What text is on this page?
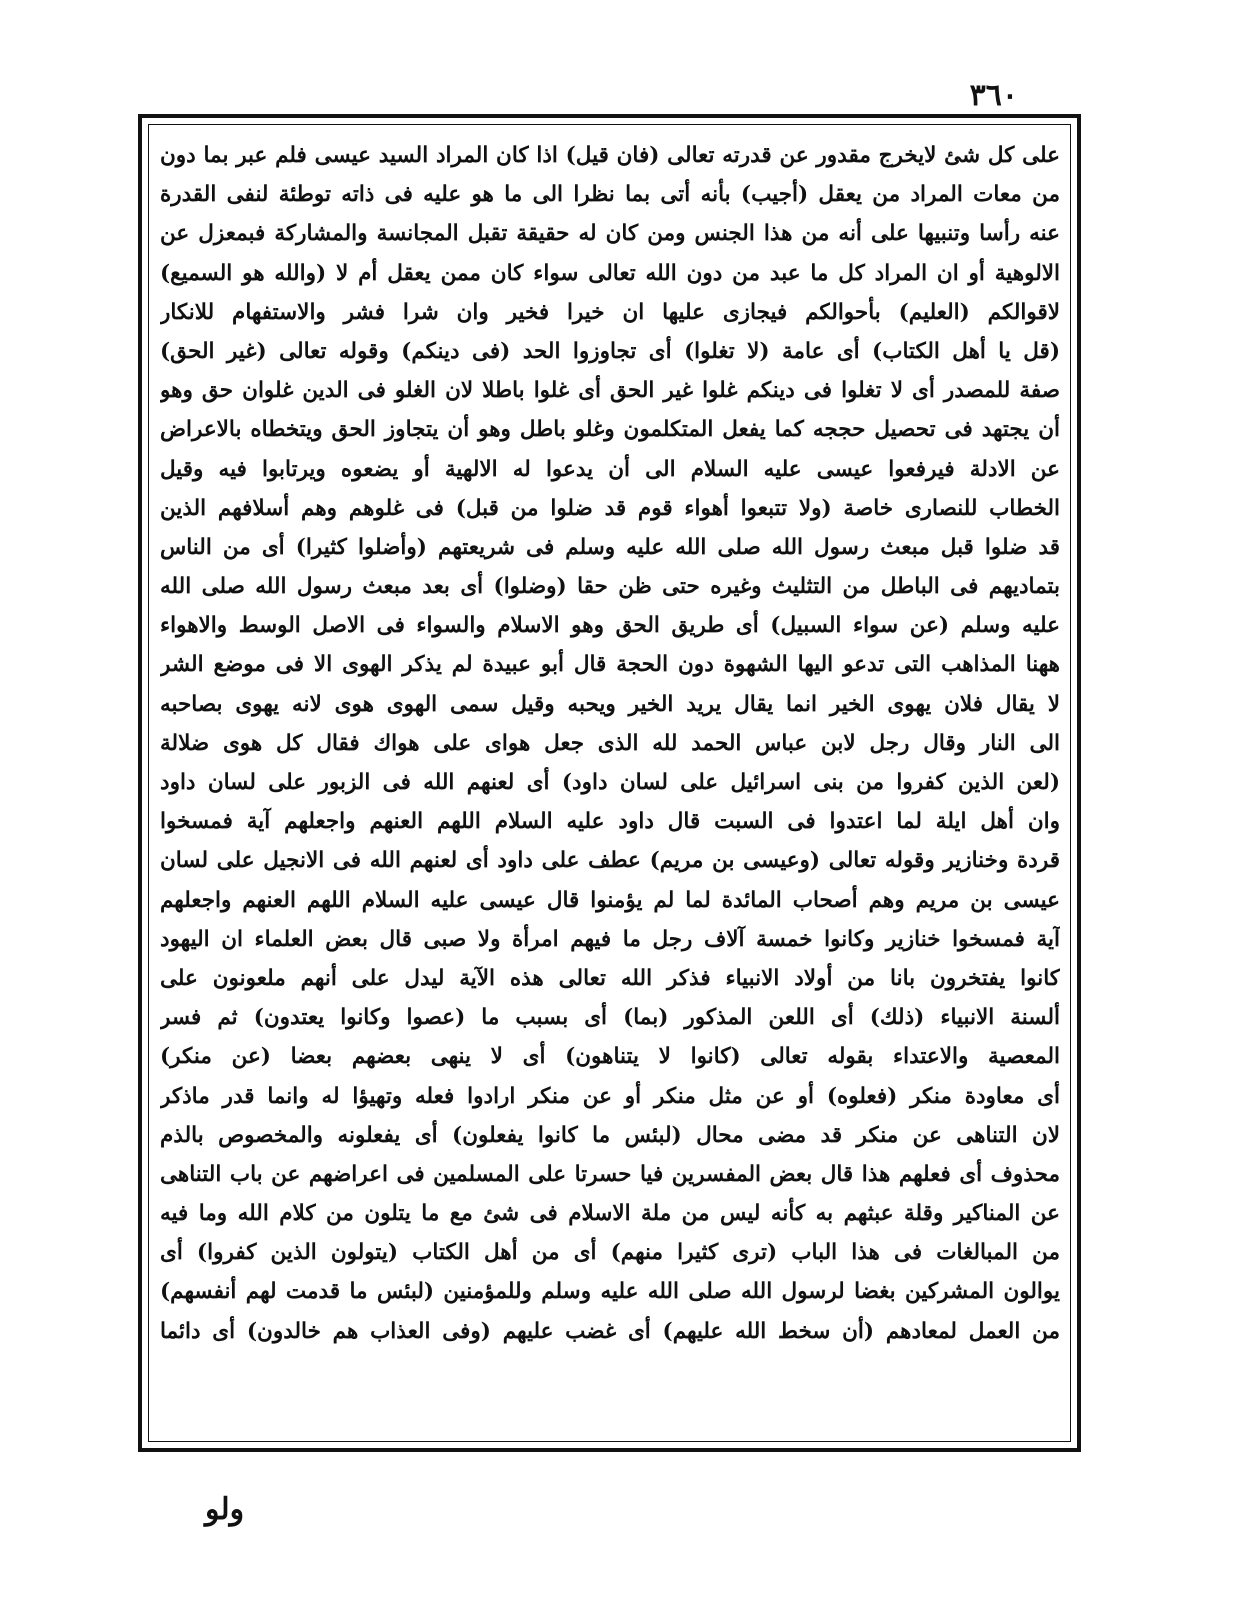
٣٦٠
على كل شئ لايخرج مقدور عن قدرته تعالى (فان قيل) اذا كان المراد السيد عيسى فلم عبر بما دون
من معات المراد من يعقل (أجيب) بأنه أتى بما نظرا الى ما هو عليه فى ذاته توطئة لنفى القدرة
عنه رأسا وتنبيها على أنه من هذا الجنس ومن كان له حقيقة تقبل المجانسة والمشاركة فبمعزل عن
الالوهية أو ان المراد كل ما عبد من دون الله تعالى سواء كان ممن يعقل أم لا (والله هو السميع)
لاقوالكم (العليم) بأحوالكم فيجازى عليها ان خيرا فخير وان شرا فشر والاستفهام للانكار
(قل يا أهل الكتاب) أى عامة (لا تغلوا) أى تجاوزوا الحد (فى دينكم) وقوله تعالى (غير الحق)
صفة للمصدر أى لا تغلوا فى دينكم غلوا غير الحق أى غلوا باطلا لان الغلو فى الدين غلوان حق وهو
أن يجتهد فى تحصيل حججه كما يفعل المتكلمون وغلو باطل وهو أن يتجاوز الحق ويتخطاه بالاعراض
عن الادلة فيرفعوا عيسى عليه السلام الى أن يدعوا له الالهية أو يضعوه ويرتابوا فيه وقيل
الخطاب للنصارى خاصة (ولا تتبعوا أهواء قوم قد ضلوا من قبل) فى غلوهم وهم أسلافهم الذين
قد ضلوا قبل مبعث رسول الله صلى الله عليه وسلم فى شريعتهم (وأضلوا كثيرا) أى من الناس
بتماديهم فى الباطل من التثليث وغيره حتى ظن حقا (وضلوا) أى بعد مبعث رسول الله صلى الله
عليه وسلم (عن سواء السبيل) أى طريق الحق وهو الاسلام والسواء فى الاصل الوسط والاهواء
ههنا المذاهب التى تدعو اليها الشهوة دون الحجة قال أبو عبيدة لم يذكر الهوى الا فى موضع الشر
لا يقال فلان يهوى الخير انما يقال يريد الخير ويحبه وقيل سمى الهوى هوى لانه يهوى بصاحبه
الى النار وقال رجل لابن عباس الحمد لله الذى جعل هواى على هواك فقال كل هوى ضلالة
(لعن الذين كفروا من بنى اسرائيل على لسان داود) أى لعنهم الله فى الزبور على لسان داود
وان أهل ايلة لما اعتدوا فى السبت قال داود عليه السلام اللهم العنهم واجعلهم آية فمسخوا
قردة وخنازير وقوله تعالى (وعيسى بن مريم) عطف على داود أى لعنهم الله فى الانجيل على لسان
عيسى بن مريم وهم أصحاب المائدة لما لم يؤمنوا قال عيسى عليه السلام اللهم العنهم واجعلهم
آية فمسخوا خنازير وكانوا خمسة آلاف رجل ما فيهم امرأة ولا صبى قال بعض العلماء ان اليهود
كانوا يفتخرون بانا من أولاد الانبياء فذكر الله تعالى هذه الآية ليدل على أنهم ملعونون على
ألسنة الانبياء (ذلك) أى اللعن المذكور (بما) أى بسبب ما (عصوا وكانوا يعتدون) ثم فسر
المعصية والاعتداء بقوله تعالى (كانوا لا يتناهون) أى لا ينهى بعضهم بعضا (عن منكر)
أى معاودة منكر (فعلوه) أو عن مثل منكر أو عن منكر ارادوا فعله وتهيؤا له وانما قدر ماذكر
لان التناهى عن منكر قد مضى محال (لبئس ما كانوا يفعلون) أى يفعلونه والمخصوص بالذم
محذوف أى فعلهم هذا قال بعض المفسرين فيا حسرتا على المسلمين فى اعراضهم عن باب التناهى
عن المناكير وقلة عبثهم به كأنه ليس من ملة الاسلام فى شئ مع ما يتلون من كلام الله وما فيه
من المبالغات فى هذا الباب (ترى كثيرا منهم) أى من أهل الكتاب (يتولون الذين كفروا) أى
يوالون المشركين بغضا لرسول الله صلى الله عليه وسلم وللمؤمنين (لبئس ما قدمت لهم أنفسهم)
من العمل لمعادهم (أن سخط الله عليهم) أى غضب عليهم (وفى العذاب هم خالدون) أى دائما
ولو
